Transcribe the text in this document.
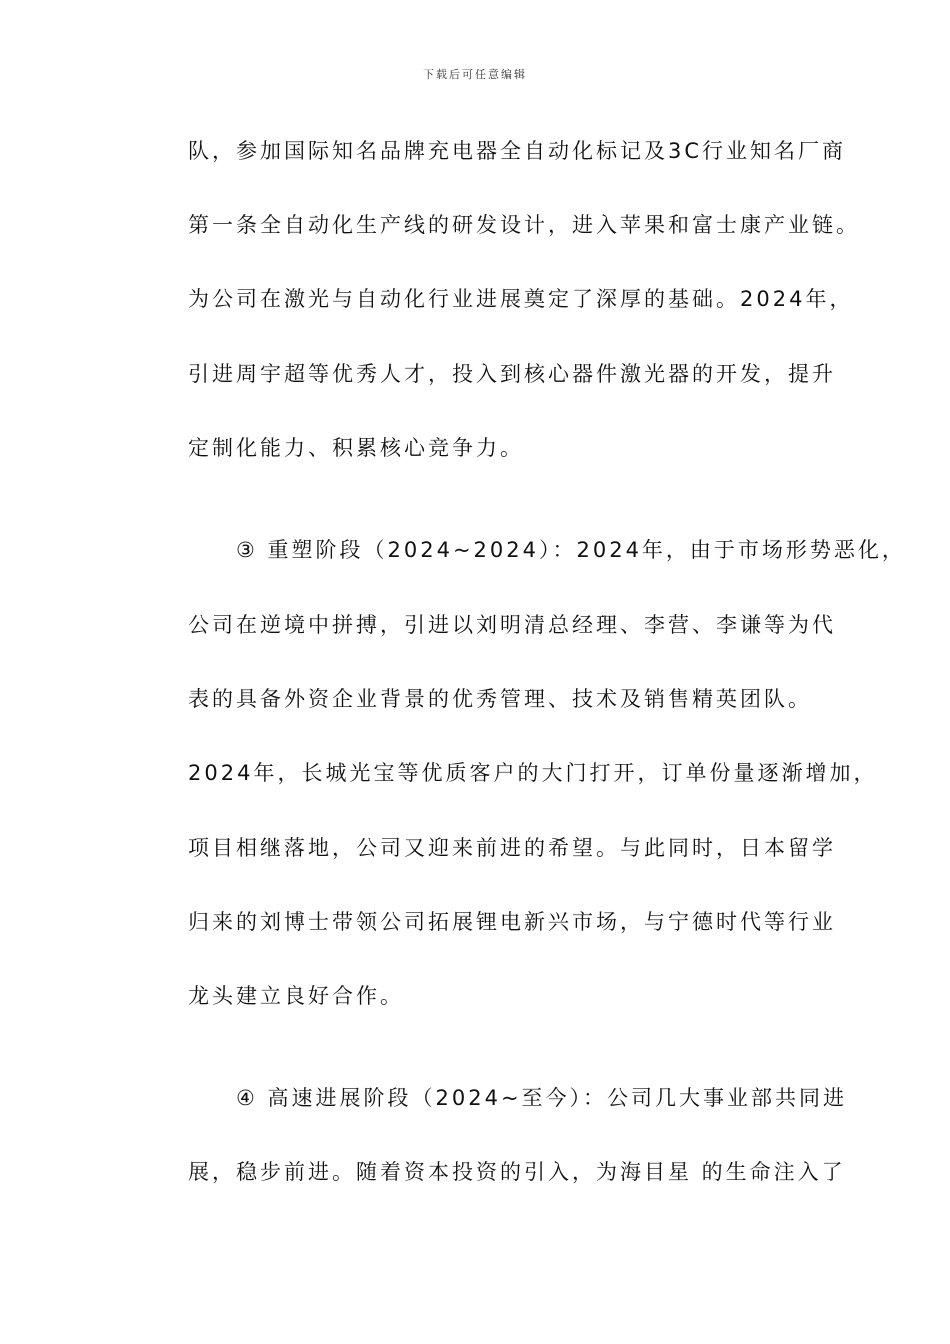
下载后可任意编辑
队，参加国际知名品牌充电器全自动化标记及3C行业知名厂商
第一条全自动化生产线的研发设计，进入苹果和富士康产业链。
为公司在激光与自动化行业进展奠定了深厚的基础。2024年，
引进周宇超等优秀人才，投入到核心器件激光器的开发，提升
定制化能力、积累核心竞争力。
③ 重塑阶段（2024~2024）：2024年，由于市场形势恶化，
公司在逆境中拼搏，引进以刘明清总经理、李营、李谦等为代
表的具备外资企业背景的优秀管理、技术及销售精英团队。
2024年，长城光宝等优质客户的大门打开，订单份量逐渐增加，
项目相继落地，公司又迎来前进的希望。与此同时，日本留学
归来的刘博士带领公司拓展锂电新兴市场，与宁德时代等行业
龙头建立良好合作。
④ 高速进展阶段（2024~至今）：公司几大事业部共同进
展，稳步前进。随着资本投资的引入，为海目星 的生命注入了
